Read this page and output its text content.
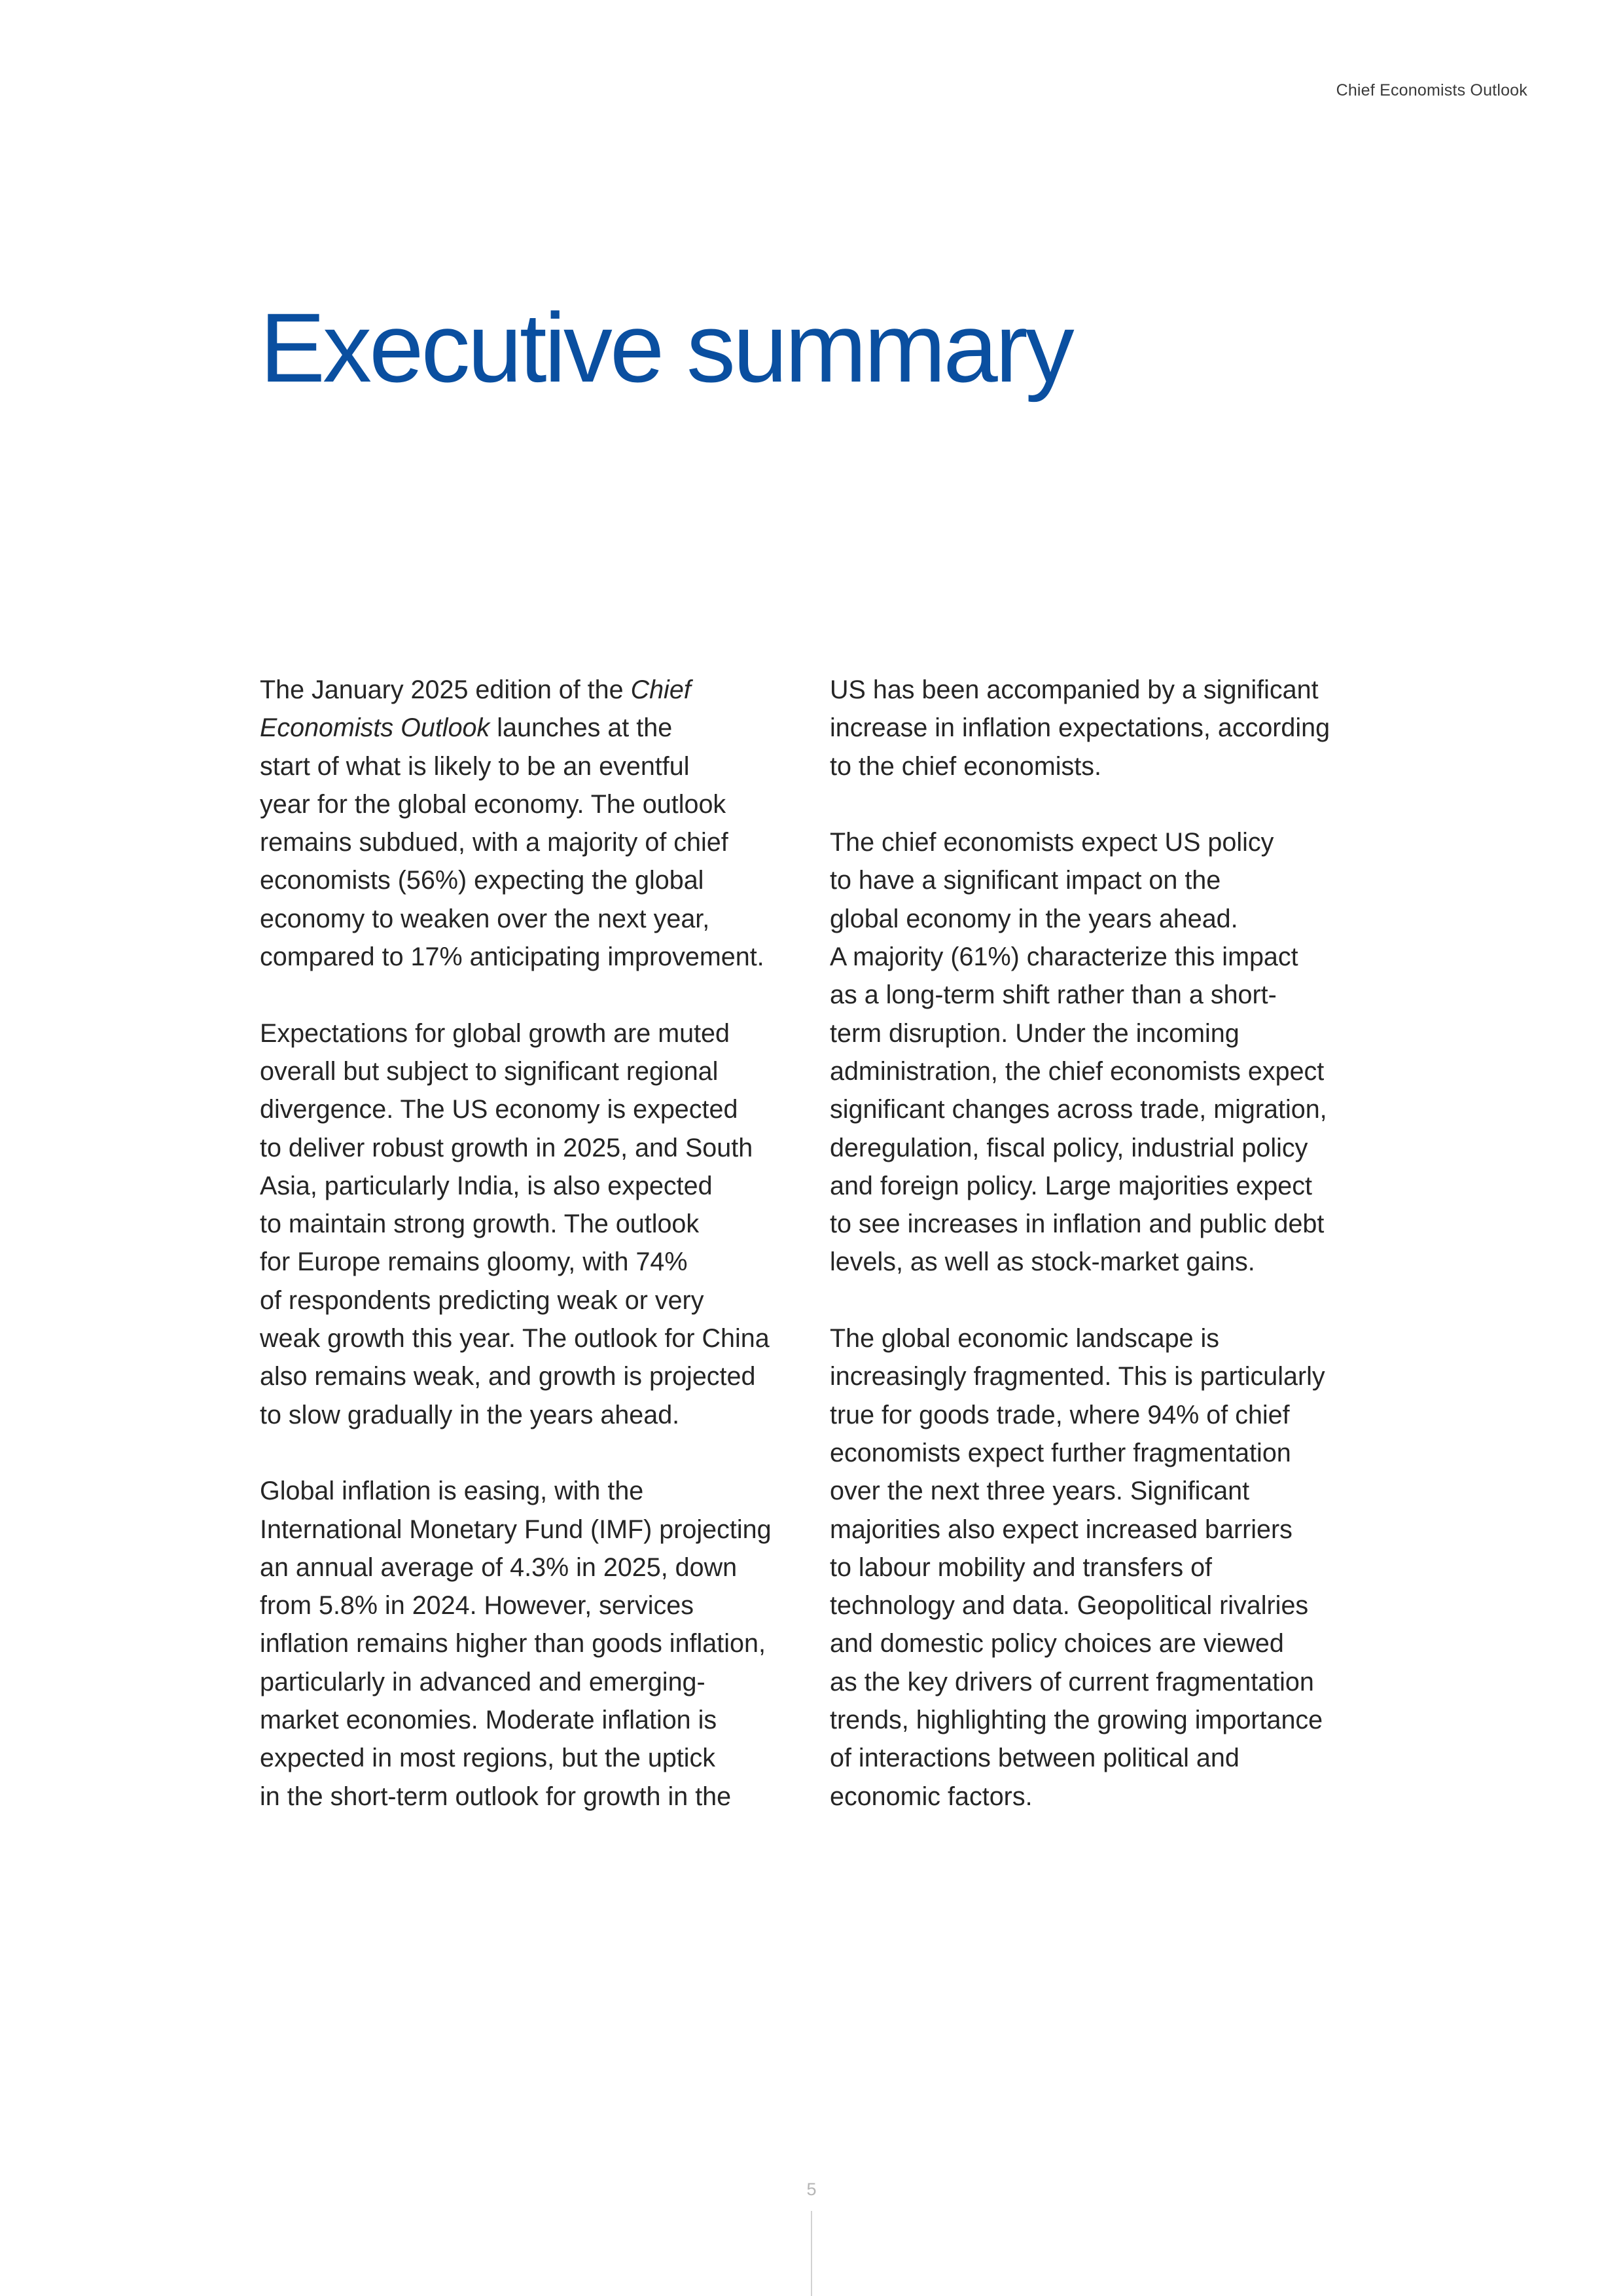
Chief Economists Outlook
Executive summary

The January 2025 edition of the Chief
Economists Outlook launches at the
start of what is likely to be an eventful
year for the global economy. The outlook
remains subdued, with a majority of chief
economists (56%) expecting the global
economy to weaken over the next year,
compared to 17% anticipating improvement.

Expectations for global growth are muted
overall but subject to significant regional
divergence. The US economy is expected
to deliver robust growth in 2025, and South
Asia, particularly India, is also expected
to maintain strong growth. The outlook
for Europe remains gloomy, with 74%
of respondents predicting weak or very
weak growth this year. The outlook for China
also remains weak, and growth is projected
to slow gradually in the years ahead.

Global inflation is easing, with the
International Monetary Fund (IMF) projecting
an annual average of 4.3% in 2025, down
from 5.8% in 2024. However, services
inflation remains higher than goods inflation,
particularly in advanced and emerging-
market economies. Moderate inflation is
expected in most regions, but the uptick
in the short-term outlook for growth in the

US has been accompanied by a significant
increase in inflation expectations, according
to the chief economists.

The chief economists expect US policy
to have a significant impact on the
global economy in the years ahead.
A majority (61%) characterize this impact
as a long-term shift rather than a short-
term disruption. Under the incoming
administration, the chief economists expect
significant changes across trade, migration,
deregulation, fiscal policy, industrial policy
and foreign policy. Large majorities expect
to see increases in inflation and public debt
levels, as well as stock-market gains.

The global economic landscape is
increasingly fragmented. This is particularly
true for goods trade, where 94% of chief
economists expect further fragmentation
over the next three years. Significant
majorities also expect increased barriers
to labour mobility and transfers of
technology and data. Geopolitical rivalries
and domestic policy choices are viewed
as the key drivers of current fragmentation
trends, highlighting the growing importance
of interactions between political and
economic factors.

5
